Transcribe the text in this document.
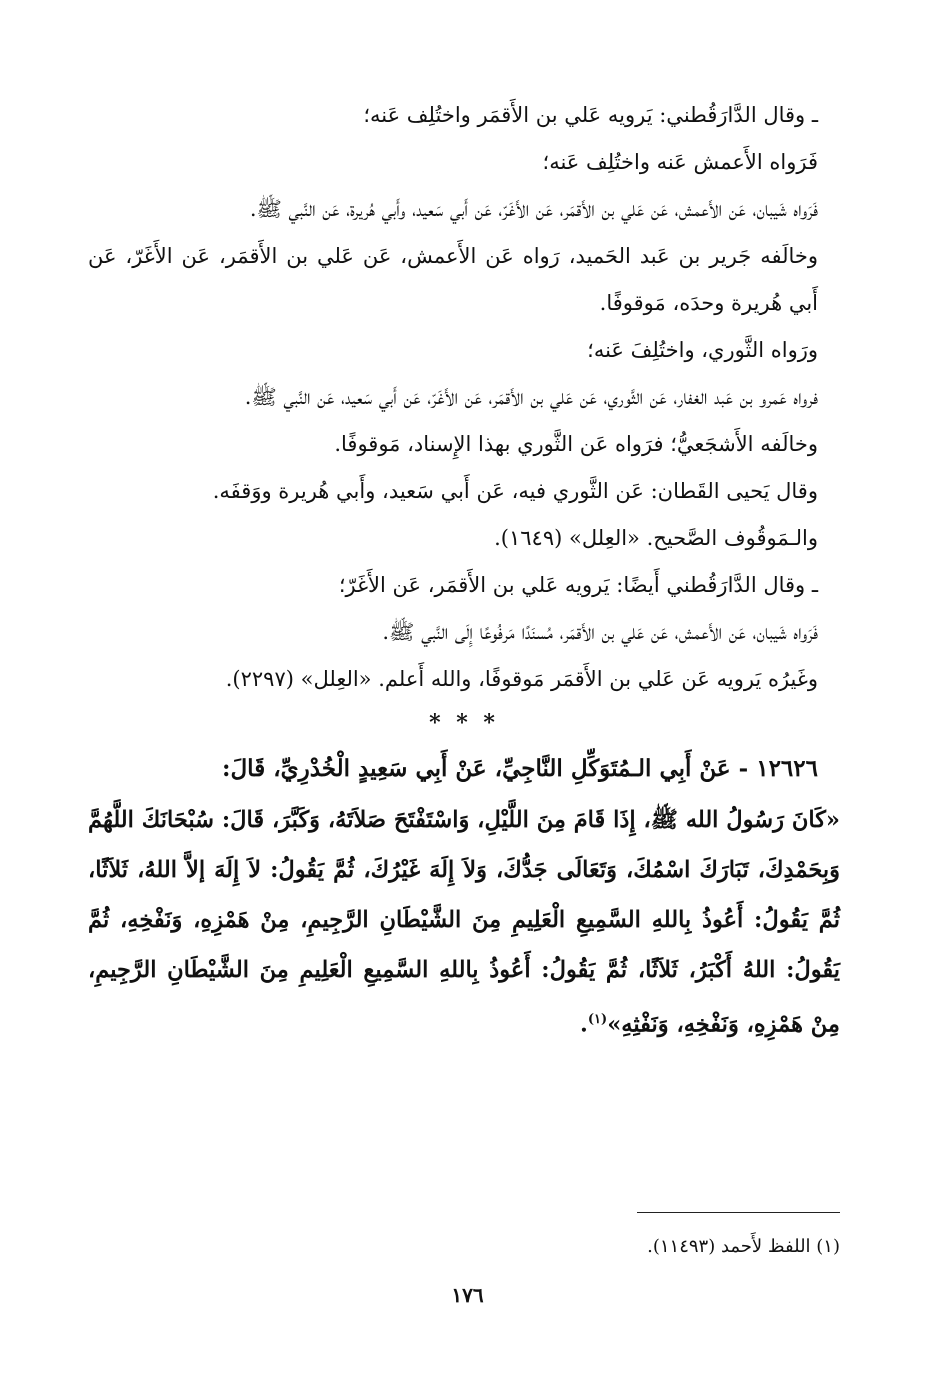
ـ وقال الدَّارَقُطني: يَرويه عَلي بن الأَقمَر واختُلِف عَنه؛

فَرَواه الأَعمش عَنه واختُلِف عَنه؛

فَرَواه شَيبان، عَن الأَعمش، عَن عَلي بن الأَقمَر، عَن الأَغَرّ، عَن أَبي سَعيد، وأَبي هُريرة، عَن النَّبي ﷺ.

وخالَفه جَرير بن عَبد الحَميد، رَواه عَن الأَعمش، عَن عَلي بن الأَقمَر، عَن الأَغَرّ، عَن أَبي هُريرة وحدَه، مَوقوفًا.

ورَواه الثَّوري، واختُلِفَ عَنه؛

فرواه عَمرو بن عَبد الغفار، عَن الثَّوري، عَن عَلي بن الأَقمَر، عَن الأَغَرّ، عَن أَبي سَعيد، عَن النَّبي ﷺ.

وخالَفه الأَشجَعيُّ؛ فرَواه عَن الثَّوري بهذا الإِسناد، مَوقوفًا.

وقال يَحيى القَطان: عَن الثَّوري فيه، عَن أَبي سَعيد، وأَبي هُريرة ووَقفَه.

والـمَوقُوف الصَّحيح. «العِلل» (١٦٤٩).

ـ وقال الدَّارَقُطني أَيضًا: يَرويه عَلي بن الأَقمَر، عَن الأَغَرّ؛

فَرَواه شَيبان، عَن الأَعمش، عَن عَلي بن الأَقمَر، مُسنَدًا مَرفُوعًا إِلَى النَّبي ﷺ.

وغَيرُه يَرويه عَن عَلي بن الأَقمَر مَوقوفًا، والله أَعلم. «العِلل» (٢٢٩٧).

* * *

١٢٦٢٦ - عَنْ أَبِي الـمُتَوَكِّلِ النَّاجِيِّ، عَنْ أَبِي سَعِيدٍ الْخُدْرِيِّ، قَالَ:

«كَانَ رَسُولُ الله ﷺ، إِذَا قَامَ مِنَ اللَّيْلِ، وَاسْتَفْتَحَ صَلاَتَهُ، وَكَبَّرَ، قَالَ: سُبْحَانَكَ اللَّهُمَّ وَبِحَمْدِكَ، تَبَارَكَ اسْمُكَ، وَتَعَالَى جَدُّكَ، وَلاَ إِلَهَ غَيْرُكَ، ثُمَّ يَقُولُ: لاَ إِلَهَ إلاَّ اللهُ، ثَلاَثًا، ثُمَّ يَقُولُ: أَعُوذُ بِاللهِ السَّمِيعِ الْعَلِيمِ مِنَ الشَّيْطَانِ الرَّجِيمِ، مِنْ هَمْزِهِ، وَنَفْخِهِ، ثُمَّ يَقُولُ: اللهُ أَكْبَرُ، ثَلاَثًا، ثُمَّ يَقُولُ: أَعُوذُ بِاللهِ السَّمِيعِ الْعَلِيمِ مِنَ الشَّيْطَانِ الرَّجِيمِ، مِنْ هَمْزِهِ، وَنَفْخِهِ، وَنَفْثِهِ»$^{(١)}$.

(١) اللفظ لأَحمد (١١٤٩٣).
١٧٦
